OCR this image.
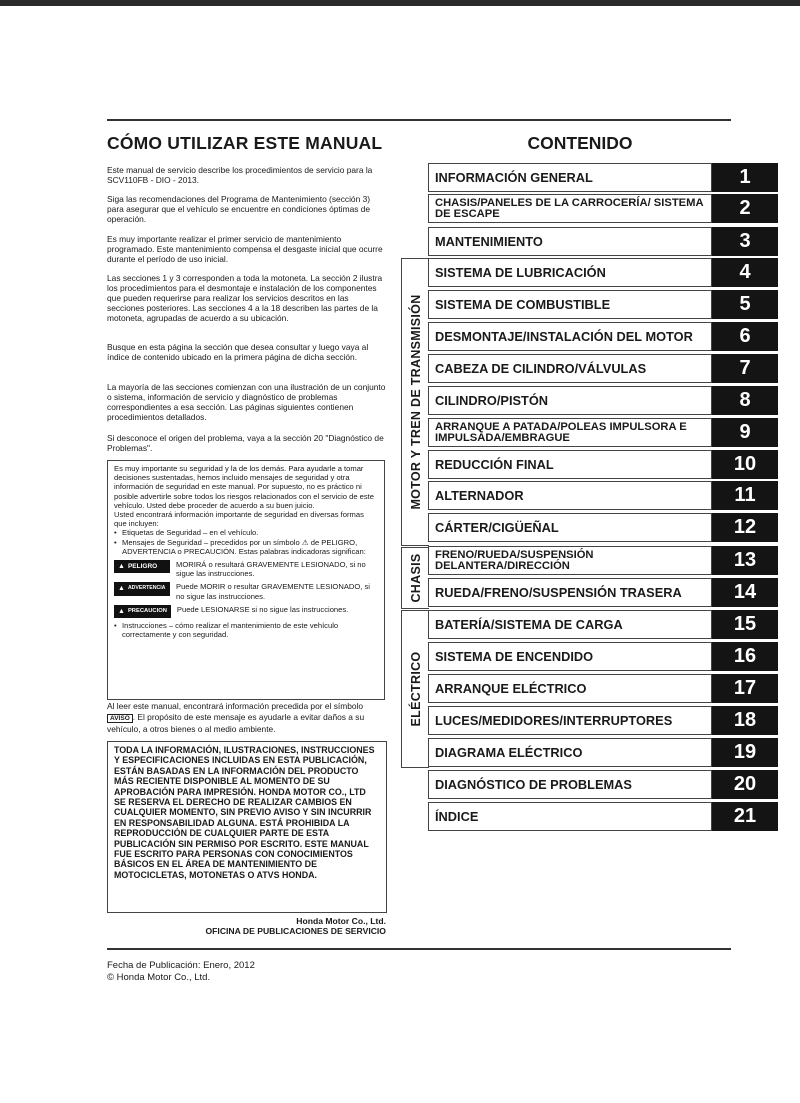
CÓMO UTILIZAR ESTE MANUAL
Este manual de servicio describe los procedimientos de servicio para la SCV110FB - DIO - 2013.
Siga las recomendaciones del Programa de Mantenimiento (sección 3) para asegurar que el vehículo se encuentre en condiciones óptimas de operación.
Es muy importante realizar el primer servicio de mantenimiento programado. Este mantenimiento compensa el desgaste inicial que ocurre durante el período de uso inicial.
Las secciones 1 y 3 corresponden a toda la motoneta. La sección 2 ilustra los procedimientos para el desmontaje e instalación de los componentes que pueden requerirse para realizar los servicios descritos en las secciones posteriores. Las secciones 4 a la 18 describen las partes de la motoneta, agrupadas de acuerdo a su ubicación.
Busque en esta página la sección que desea consultar y luego vaya al índice de contenido ubicado en la primera página de dicha sección.
La mayoría de las secciones comienzan con una ilustración de un conjunto o sistema, información de servicio y diagnóstico de problemas correspondientes a esa sección. Las páginas siguientes contienen procedimientos detallados.
Si desconoce el origen del problema, vaya a la sección 20 "Diagnóstico de Problemas".

Es muy importante su seguridad y la de los demás. Para ayudarle a tomar decisiones sustentadas, hemos incluido mensajes de seguridad y otra información de seguridad en este manual. Por supuesto, no es práctico ni posible advertirle sobre todos los riesgos relacionados con el servicio de este vehículo. Usted debe proceder de acuerdo a su buen juicio.

Usted encontrará información importante de seguridad en diversas formas que incluyen:

• Etiquetas de Seguridad – en el vehículo.

• Mensajes de Seguridad – precedidos por un símbolo ⚠ de PELIGRO, ADVERTENCIA o PRECAUCIÓN. Estas palabras indicadoras significan:

▲ PELIGRO MORIRÁ o resultará GRAVEMENTE LESIONADO, si no sigue las instrucciones.
▲ ADVERTENCIA Puede MORIR o resultar GRAVEMENTE LESIONADO, si no sigue las instrucciones.
▲ PRECAUCION Puede LESIONARSE si no sigue las instrucciones.

• Instrucciones – cómo realizar el mantenimiento de este vehículo correctamente y con seguridad.

Al leer este manual, encontrará información precedida por el símbolo AVISO . El propósito de este mensaje es ayudarle a evitar daños a su vehículo, a otros bienes o al medio ambiente.
TODA LA INFORMACIÓN, ILUSTRACIONES, INSTRUCCIONES Y ESPECIFICACIONES INCLUIDAS EN ESTA PUBLICACIÓN, ESTÁN BASADAS EN LA INFORMACIÓN DEL PRODUCTO MÁS RECIENTE DISPONIBLE AL MOMENTO DE SU APROBACIÓN PARA IMPRESIÓN. HONDA MOTOR CO., LTD SE RESERVA EL DERECHO DE REALIZAR CAMBIOS EN CUALQUIER MOMENTO, SIN PREVIO AVISO Y SIN INCURRIR EN RESPONSABILIDAD ALGUNA. ESTÁ PROHIBIDA LA REPRODUCCIÓN DE CUALQUIER PARTE DE ESTA PUBLICACIÓN SIN PERMISO POR ESCRITO. ESTE MANUAL FUE ESCRITO PARA PERSONAS CON CONOCIMIENTOS BÁSICOS EN EL ÁREA DE MANTENIMIENTO DE MOTOCICLETAS, MOTONETAS O ATVS HONDA.
Honda Motor Co., Ltd.
OFICINA DE PUBLICACIONES DE SERVICIO
Fecha de Publicación: Enero, 2012
© Honda Motor Co., Ltd.
CONTENIDO
MOTOR Y TREN DE TRANSMISIÓN
CHASIS
ELÉCTRICO
INFORMACIÓN GENERAL	1
CHASIS/PANELES DE LA CARROCERÍA/ SISTEMA DE ESCAPE	2
MANTENIMIENTO	3
SISTEMA DE LUBRICACIÓN	4
SISTEMA DE COMBUSTIBLE	5
DESMONTAJE/INSTALACIÓN DEL MOTOR	6
CABEZA DE CILINDRO/VÁLVULAS	7
CILINDRO/PISTÓN	8
ARRANQUE A PATADA/POLEAS IMPULSORA E IMPULSADA/EMBRAGUE	9
REDUCCIÓN FINAL	10
ALTERNADOR	11
CÁRTER/CIGÜEÑAL	12
FRENO/RUEDA/SUSPENSIÓN DELANTERA/DIRECCIÓN	13
RUEDA/FRENO/SUSPENSIÓN TRASERA	14
BATERÍA/SISTEMA DE CARGA	15
SISTEMA DE ENCENDIDO	16
ARRANQUE ELÉCTRICO	17
LUCES/MEDIDORES/INTERRUPTORES	18
DIAGRAMA ELÉCTRICO	19
DIAGNÓSTICO DE PROBLEMAS	20
ÍNDICE	21
